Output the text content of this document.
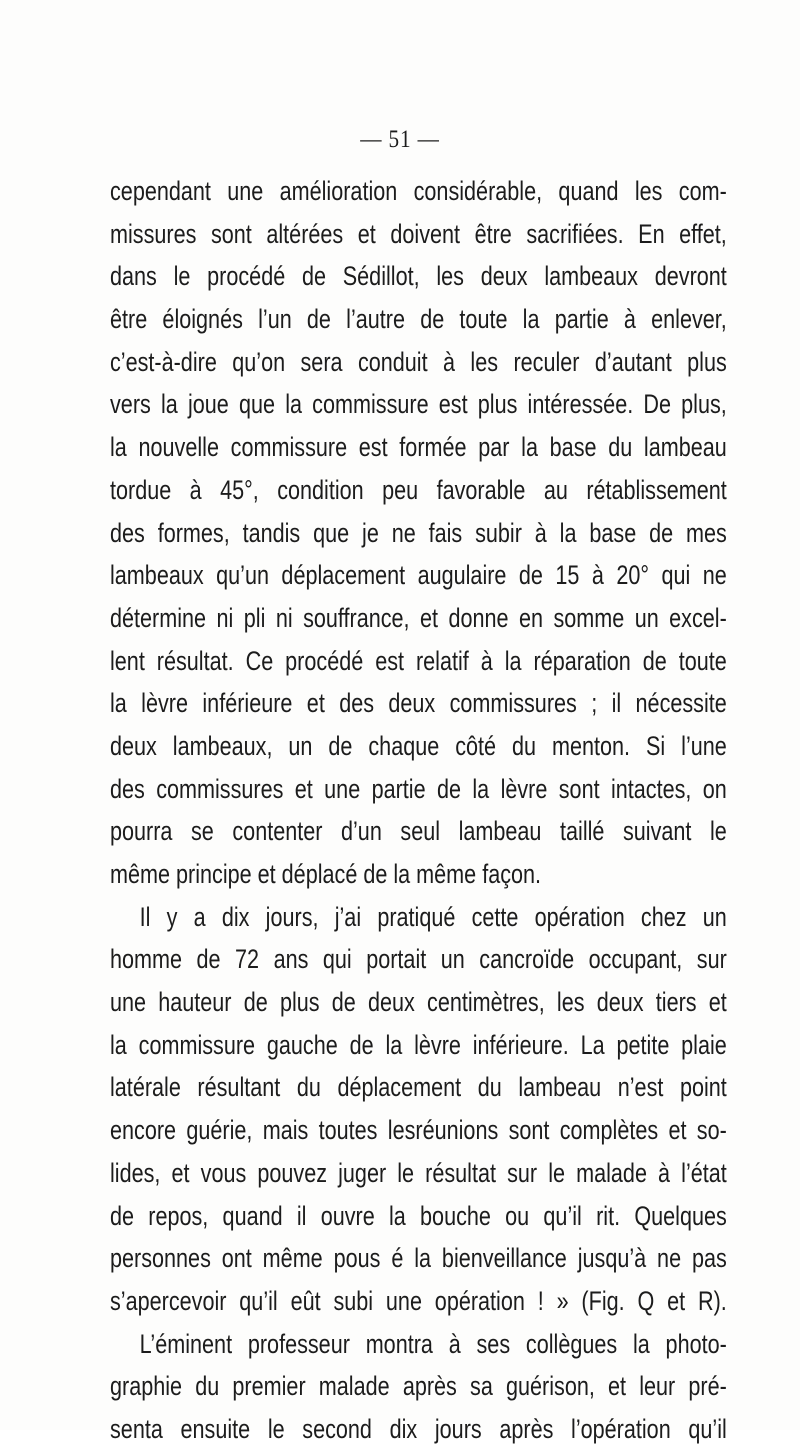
— 51 —
cependant une amélioration considérable, quand les com-
missures sont altérées et doivent être sacrifiées. En effet,
dans le procédé de Sédillot, les deux lambeaux devront
être éloignés l’un de l’autre de toute la partie à enlever,
c’est-à-dire qu’on sera conduit à les reculer d’autant plus
vers la joue que la commissure est plus intéressée. De plus,
la nouvelle commissure est formée par la base du lambeau
tordue à 45°, condition peu favorable au rétablissement
des formes, tandis que je ne fais subir à la base de mes
lambeaux qu’un déplacement augulaire de 15 à 20° qui ne
détermine ni pli ni souffrance, et donne en somme un excel-
lent résultat. Ce procédé est relatif à la réparation de toute
la lèvre inférieure et des deux commissures ; il nécessite
deux lambeaux, un de chaque côté du menton. Si l’une
des commissures et une partie de la lèvre sont intactes, on
pourra se contenter d’un seul lambeau taillé suivant le
même principe et déplacé de la même façon.
Il y a dix jours, j’ai pratiqué cette opération chez un
homme de 72 ans qui portait un cancroïde occupant, sur
une hauteur de plus de deux centimètres, les deux tiers et
la commissure gauche de la lèvre inférieure. La petite plaie
latérale résultant du déplacement du lambeau n’est point
encore guérie, mais toutes lesréunions sont complètes et so-
lides, et vous pouvez juger le résultat sur le malade à l’état
de repos, quand il ouvre la bouche ou qu’il rit. Quelques
personnes ont même pous é la bienveillance jusqu’à ne pas
s’apercevoir qu’il eût subi une opération ! » (Fig. Q et R).
L’éminent professeur montra à ses collègues la photo-
graphie du premier malade après sa guérison, et leur pré-
senta ensuite le second dix jours après l’opération qu’il
